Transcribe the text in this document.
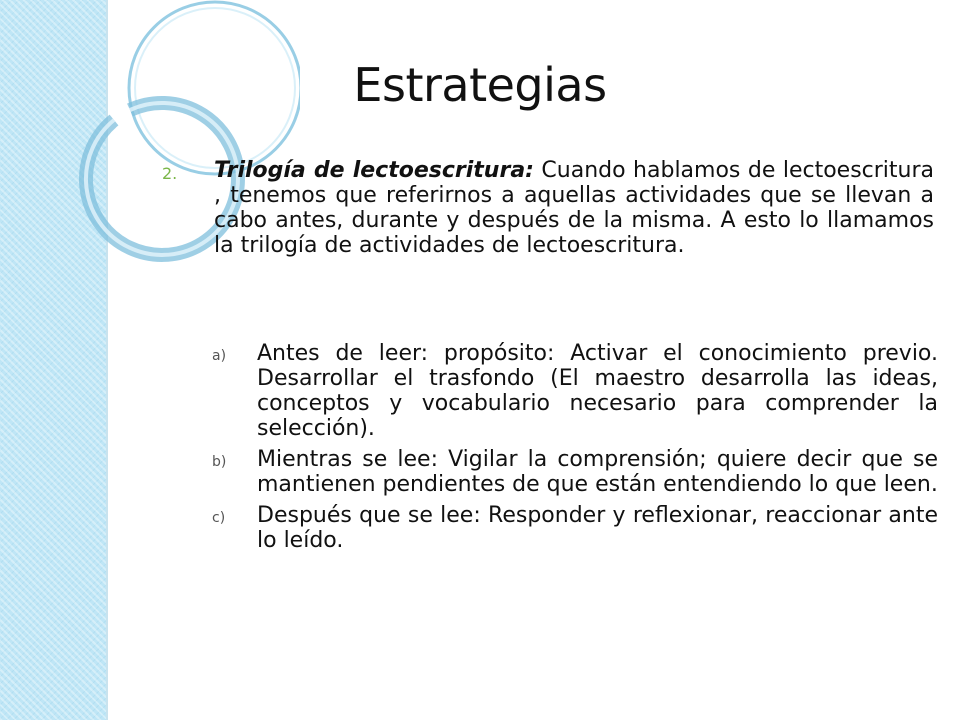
Estrategias
2. Trilogía de lectoescritura: Cuando hablamos de lectoescritura , tenemos que referirnos a aquellas actividades que se llevan a cabo antes, durante y después de la misma. A esto lo llamamos la trilogía de actividades de lectoescritura.
a) Antes de leer: propósito: Activar el conocimiento previo. Desarrollar el trasfondo (El maestro desarrolla las ideas, conceptos y vocabulario necesario para comprender la selección).
b) Mientras se lee: Vigilar la comprensión; quiere decir que se mantienen pendientes de que están entendiendo lo que leen.
c) Después que se lee: Responder y reflexionar, reaccionar ante lo leído.
